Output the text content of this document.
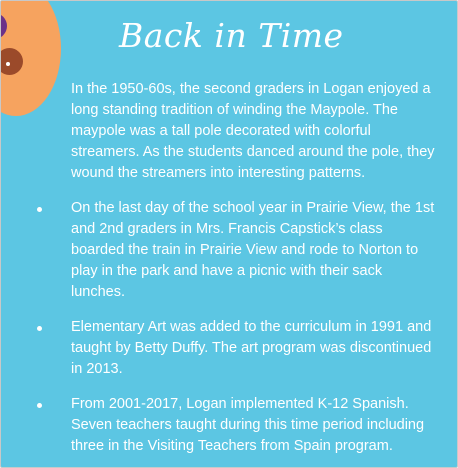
Back in Time
In the 1950-60s, the second graders in Logan enjoyed a long standing tradition of winding the Maypole. The maypole was a tall pole decorated with colorful streamers. As the students danced around the pole, they wound the streamers into interesting patterns.
On the last day of the school year in Prairie View, the 1st and 2nd graders in Mrs. Francis Capstick’s class boarded the train in Prairie View and rode to Norton to play in the park and have a picnic with their sack lunches.
Elementary Art was added to the curriculum in 1991 and taught by Betty Duffy. The art program was discontinued in 2013.
From 2001-2017, Logan implemented K-12 Spanish. Seven teachers taught during this time period including three in the Visiting Teachers from Spain program.
